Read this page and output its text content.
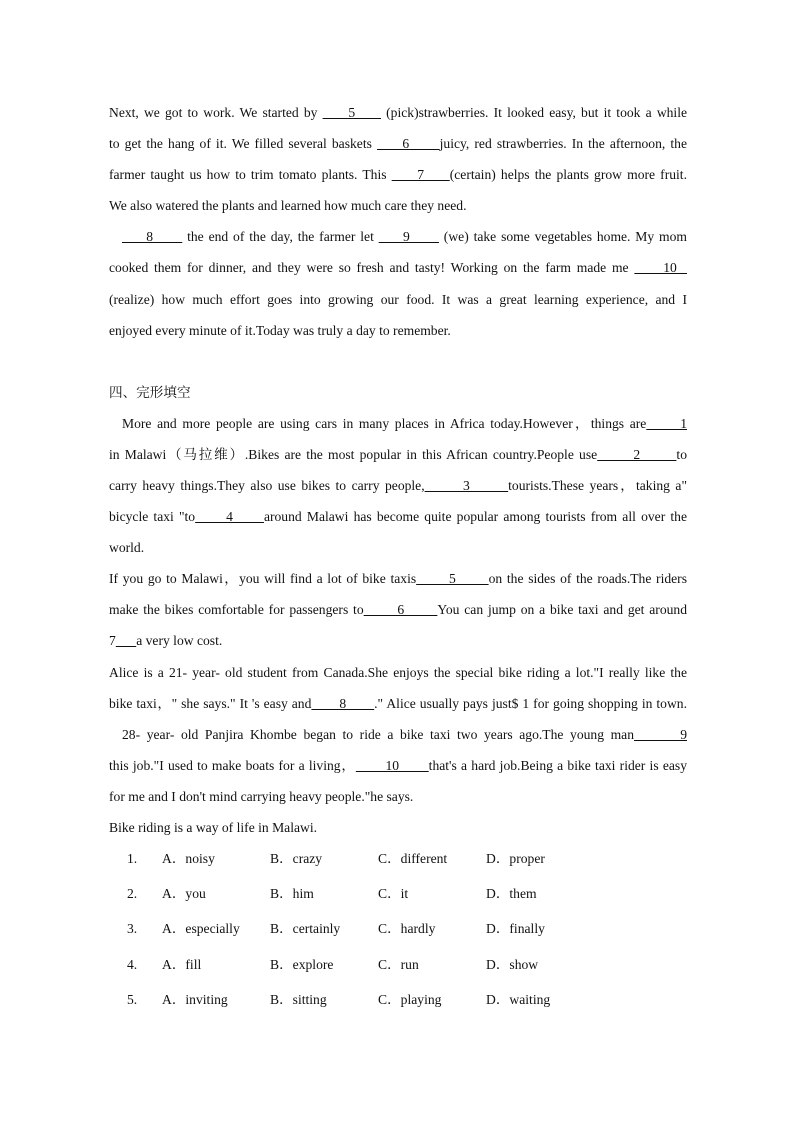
Next, we got to work. We started by      5      (pick)strawberries. It looked easy, but it took a while
to get the hang of it. We filled several baskets      6      juicy, red strawberries. In the afternoon, the
farmer taught us how to trim tomato plants. This      7     (certain) helps the plants grow more fruit.
We also watered the plants and learned how much care they need.
8       the end of the day, the farmer let      9       (we) take some vegetables home. My mom
cooked them for dinner, and they were so fresh and tasty! Working on the farm made me      10
(realize) how much effort goes into growing our food. It was a great learning experience, and I
enjoyed every minute of it.Today was truly a day to remember.
四、完形填空
More and more people are using cars in many places in Africa today.However，things are      1
in Malawi（马拉维）.Bikes are the most popular in this African country.People use       2       to
carry heavy things.They also use bikes to carry people,       3       tourists.These years，taking a"
bicycle taxi "to      4      around Malawi has become quite popular among tourists from all over the
world.
If you go to Malawi，you will find a lot of bike taxis       5       on the sides of the roads.The riders
make the bikes comfortable for passengers to       6       You can jump on a bike taxi and get around
7 a very low cost.
Alice is a 21- year- old student from Canada.She enjoys the special bike riding a lot."I really like the
bike taxi，" she says." It 's easy and       8       ." Alice usually pays just$ 1 for going shopping in town.
28- year- old Panjira Khombe began to ride a bike taxi two years ago.The young man       9
this job."I used to make boats for a living，       10       that's a hard job.Being a bike taxi rider is easy
for me and I don't mind carrying heavy people."he says.
Bike riding is a way of life in Malawi.
1.	A．noisy	B．crazy	C．different	D．proper
2.	A．you	B．him	C．it	D．them
3.	A．especially	B．certainly	C．hardly	D．finally
4.	A．fill	B．explore	C．run	D．show
5.	A．inviting	B．sitting	C．playing	D．waiting
